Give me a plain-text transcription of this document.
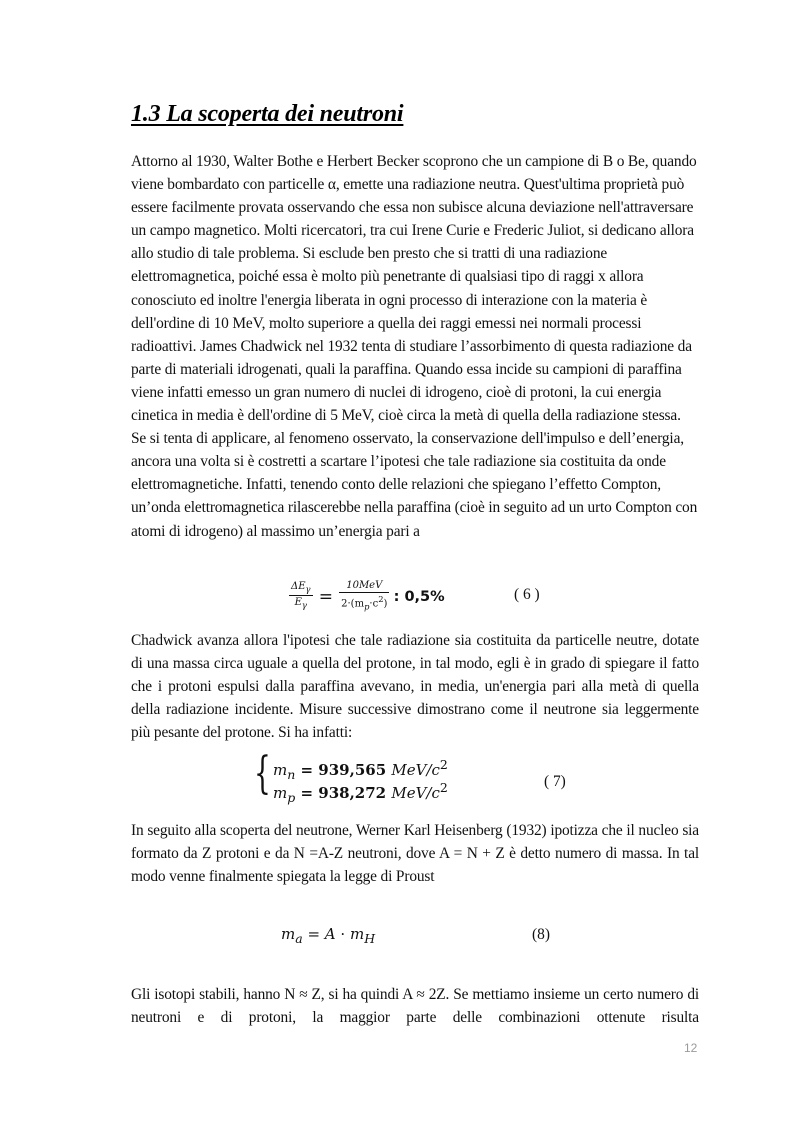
1.3 La scoperta dei neutroni

Attorno al 1930, Walter Bothe e Herbert Becker scoprono che un campione di B o Be, quando viene bombardato con particelle α, emette una radiazione neutra. Quest'ultima proprietà può essere facilmente provata osservando che essa non subisce alcuna deviazione nell'attraversare un campo magnetico. Molti ricercatori, tra cui Irene Curie e Frederic Juliot, si dedicano allora allo studio di tale problema. Si esclude ben presto che si tratti di una radiazione elettromagnetica, poiché essa è molto più penetrante di qualsiasi tipo di raggi x allora conosciuto ed inoltre l'energia liberata in ogni processo di interazione con la materia è dell'ordine di 10 MeV, molto superiore a quella dei raggi emessi nei normali processi radioattivi. James Chadwick nel 1932 tenta di studiare l’assorbimento di questa radiazione da parte di materiali idrogenati, quali la paraffina. Quando essa incide su campioni di paraffina viene infatti emesso un gran numero di nuclei di idrogeno, cioè di protoni, la cui energia cinetica in media è dell'ordine di 5 MeV, cioè circa la metà di quella della radiazione stessa. Se si tenta di applicare, al fenomeno osservato, la conservazione dell'impulso e dell’energia, ancora una volta si è costretti a scartare l’ipotesi che tale radiazione sia costituita da onde elettromagnetiche. Infatti, tenendo conto delle relazioni che spiegano l’effetto Compton, un’onda elettromagnetica rilascerebbe nella paraffina (cioè in seguito ad un urto Compton con atomi di idrogeno) al massimo un’energia pari a

$\frac{\Delta E_\gamma}{E_\gamma} = \frac{\text{10MeV}}{2\cdot(m_p\cdot c^2)}$ : 0,5%	( 6 )

Chadwick avanza allora l'ipotesi che tale radiazione sia costituita da particelle neutre, dotate di una massa circa uguale a quella del protone, in tal modo, egli è in grado di spiegare il fatto che i protoni espulsi dalla paraffina avevano, in media, un'energia pari alla metà di quella della radiazione incidente. Misure successive dimostrano come il neutrone sia leggermente più pesante del protone. Si ha infatti:

{ $m_n = 939,565$ MeV/$c^2$
$m_p = 938,272$ MeV/$c^2$	( 7)

In seguito alla scoperta del neutrone, Werner Karl Heisenberg (1932) ipotizza che il nucleo sia formato da Z protoni e da N =A-Z neutroni, dove A = N + Z è detto numero di massa. In tal modo venne finalmente spiegata la legge di Proust

$m_a = A \cdot m_H$	(8)

Gli isotopi stabili, hanno N ≈ Z, si ha quindi A ≈ 2Z. Se mettiamo insieme un certo numero di neutroni e di protoni, la maggior parte delle combinazioni ottenute risulta

12
